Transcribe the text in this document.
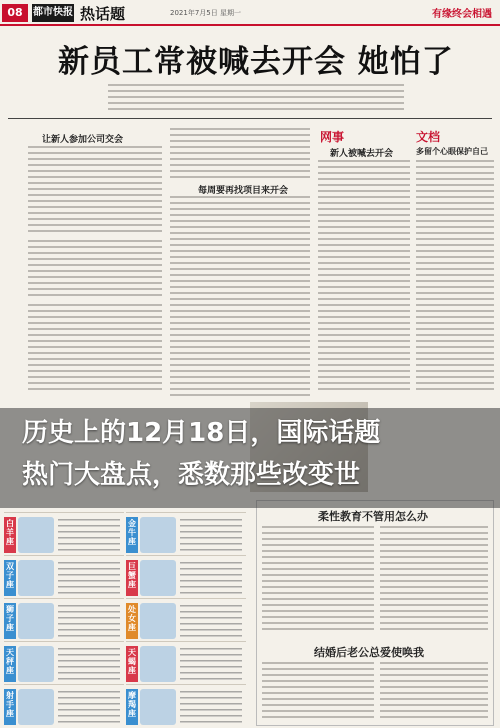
08	都市快报 热话题	2021年7月5日 星期一	有缘终会相遇
新员工常被喊去开会 她怕了
让新人参加公司交会
每周要再找项目来开会
网事
新人被喊去开会
文档
多留个心眼保护自己
柔性教育不管用怎么办
结婚后老公总爱使唤我
白羊座
金牛座
双子座
巨蟹座
狮子座
处女座
天秤座
天蝎座
射手座
摩羯座
历史上的12月18日，国际话题
热门大盘点，悉数那些改变世
